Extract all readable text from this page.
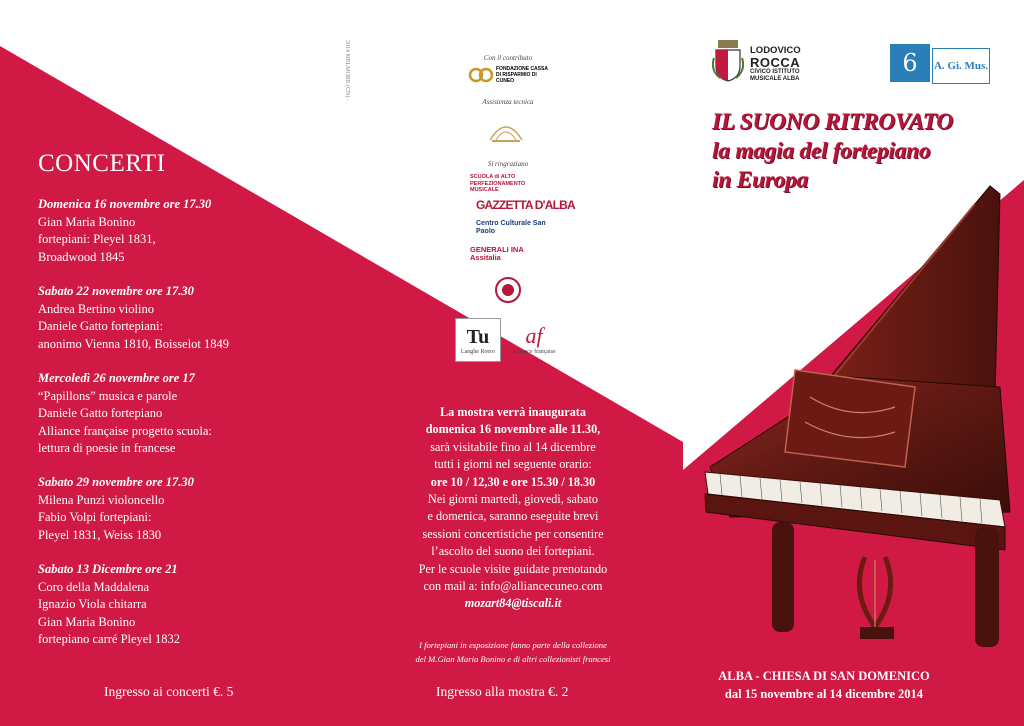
CONCERTI
Domenica 16 novembre ore 17.30
Gian Maria Bonino
fortepiani: Pleyel 1831,
Broadwood 1845
Sabato 22 novembre ore 17.30
Andrea Bertino violino
Daniele Gatto fortepiani:
anonimo Vienna 1810, Boisselot 1849
Mercoledì 26 novembre ore 17
“Papillons” musica e parole
Daniele Gatto fortepiano
Alliance française progetto scuola:
lettura di poesie in francese
Sabato 29 novembre ore 17.30
Milena Punzi violoncello
Fabio Volpi fortepiani:
Pleyel 1831, Weiss 1830
Sabato 13 Dicembre ore 21
Coro della Maddalena
Ignazio Viola chitarra
Gian Maria Bonino
fortepiano carré Pleyel 1832
Ingresso ai concerti €. 5
2014 MELMORE (CN) -	Con il contributo
FONDAZIONE CASSA DI RISPARMIO DI CUNEO
Assistenza tecnica
Si ringraziano
SCUOLA di ALTO PERFEZIONAMENTO MUSICALE
GAZZETTA D'ALBA
Centro Culturale San Paolo
GENERALI INA Assitalia
Tu
Langhe Roero
af
Alliance française
La mostra verrà inaugurata
domenica 16 novembre alle 11.30,
sarà visitabile fino al 14 dicembre
tutti i giorni nel seguente orario:
ore 10 / 12,30 e ore 15.30 / 18.30
Nei giorni martedì, giovedì, sabato
e domenica, saranno eseguite brevi
sessioni concertistiche per consentire
l’ascolto del suono dei fortepiani.
Per le scuole visite guidate prenotando
con mail a: info@alliancecuneo.com
mozart84@tiscali.it
I fortepiani in esposizione fanno parte della collezione
del M.Gian Maria Bonino e di altri collezionisti francesi
Ingresso alla mostra €. 2
LODOVICO
ROCCA
CIVICO ISTITUTO
MUSICALE ALBA
6 A. Gi. Mus.
IL SUONO RITROVATO
la magia del fortepiano
in Europa
MOSTRA SONORA
DI FORTEPIANI
D’EPOCA (1820 - 1850)
DELLE CASE FRANCESI
PIÙ IMPORTANTI:
BOISSELOT, ERARD,
PAPE, PLEYEL
ALBA - CHIESA DI SAN DOMENICO
dal 15 novembre al 14 dicembre 2014
